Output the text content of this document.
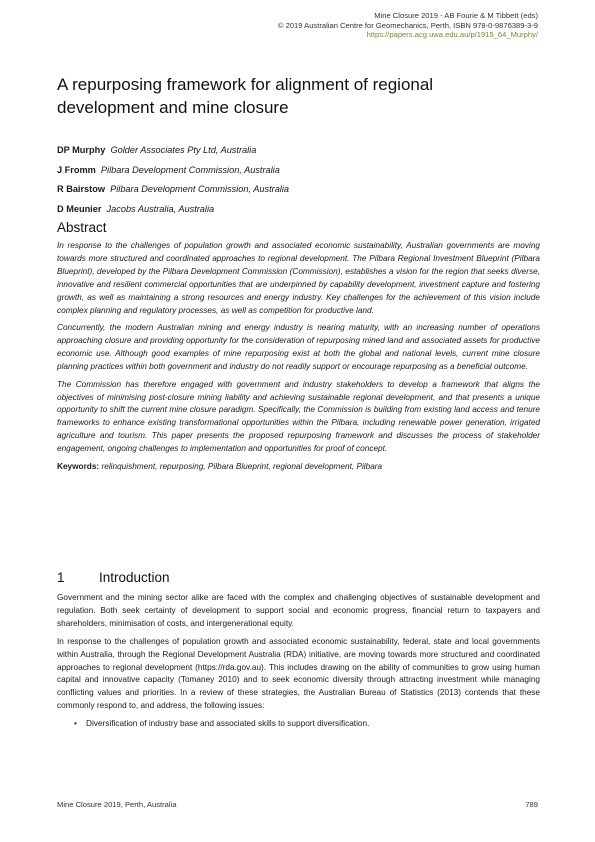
Mine Closure 2019 - AB Fourie & M Tibbett (eds)
© 2019 Australian Centre for Geomechanics, Perth, ISBN 978-0-9876389-3-9
https://papers.acg.uwa.edu.au/p/1915_64_Murphy/
A repurposing framework for alignment of regional development and mine closure
DP Murphy Golder Associates Pty Ltd, Australia
J Fromm Pilbara Development Commission, Australia
R Bairstow Pilbara Development Commission, Australia
D Meunier Jacobs Australia, Australia
Abstract

In response to the challenges of population growth and associated economic sustainability, Australian governments are moving towards more structured and coordinated approaches to regional development. The Pilbara Regional Investment Blueprint (Pilbara Blueprint), developed by the Pilbara Development Commission (Commission), establishes a vision for the region that seeks diverse, innovative and resilient commercial opportunities that are underpinned by capability development, investment capture and fostering growth, as well as maintaining a strong resources and energy industry. Key challenges for the achievement of this vision include complex planning and regulatory processes, as well as competition for productive land.

Concurrently, the modern Australian mining and energy industry is nearing maturity, with an increasing number of operations approaching closure and providing opportunity for the consideration of repurposing mined land and associated assets for productive economic use. Although good examples of mine repurposing exist at both the global and national levels, current mine closure planning practices within both government and industry do not readily support or encourage repurposing as a beneficial outcome.

The Commission has therefore engaged with government and industry stakeholders to develop a framework that aligns the objectives of minimising post-closure mining liability and achieving sustainable regional development, and that presents a unique opportunity to shift the current mine closure paradigm. Specifically, the Commission is building from existing land access and tenure frameworks to enhance existing transformational opportunities within the Pilbara, including renewable power generation, irrigated agriculture and tourism. This paper presents the proposed repurposing framework and discusses the process of stakeholder engagement, ongoing challenges to implementation and opportunities for proof of concept.

Keywords: relinquishment, repurposing, Pilbara Blueprint, regional development, Pilbara

1	Introduction

Government and the mining sector alike are faced with the complex and challenging objectives of sustainable development and regulation. Both seek certainty of development to support social and economic progress, financial return to taxpayers and shareholders, minimisation of costs, and intergenerational equity.

In response to the challenges of population growth and associated economic sustainability, federal, state and local governments within Australia, through the Regional Development Australia (RDA) initiative, are moving towards more structured and coordinated approaches to regional development (https://rda.gov.au). This includes drawing on the ability of communities to grow using human capital and innovative capacity (Tomaney 2010) and to seek economic diversity through attracting investment while managing conflicting values and priorities. In a review of these strategies, the Australian Bureau of Statistics (2013) contends that these commonly respond to, and address, the following issues:

• Diversification of industry base and associated skills to support diversification.
Mine Closure 2019, Perth, Australia	789
